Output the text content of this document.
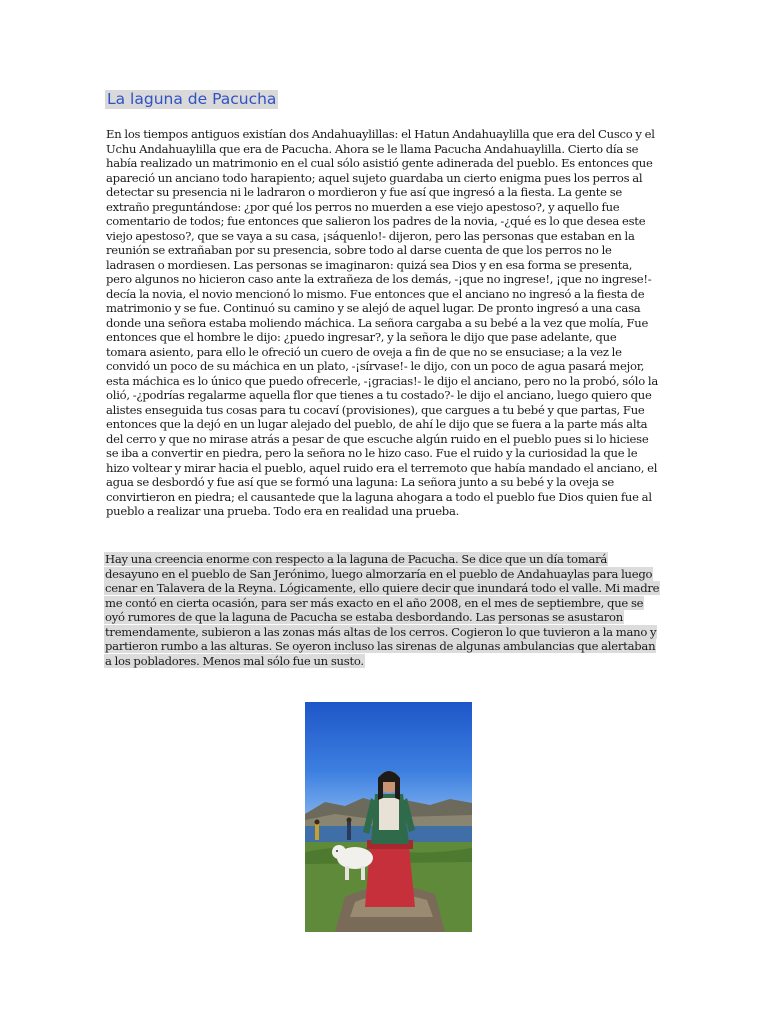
La laguna de Pacucha

En los tiempos antiguos existían dos Andahuaylillas: el Hatun Andahuaylilla que era del Cusco y el Uchu Andahuaylilla que era de Pacucha. Ahora se le llama Pacucha Andahuaylilla. Cierto día se había realizado un matrimonio en el cual sólo asistió gente adinerada del pueblo. Es entonces que apareció un anciano todo harapiento; aquel sujeto guardaba un cierto enigma pues los perros al detectar su presencia ni le ladraron o mordieron y fue así que ingresó a la fiesta. La gente se extraño preguntándose: ¿por qué los perros no muerden a ese viejo apestoso?, y aquello fue comentario de todos; fue entonces que salieron los padres de la novia, -¿qué es lo que desea este viejo apestoso?, que se vaya a su casa, ¡sáquenlo!- dijeron, pero las personas que estaban en la reunión se extrañaban por su presencia, sobre todo al darse cuenta de que los perros no le ladrasen o mordiesen. Las personas se imaginaron: quizá sea Dios y en esa forma se presenta, pero algunos no hicieron caso ante la extrañeza de los demás, -¡que no ingrese!, ¡que no ingrese!- decía la novia, el novio mencionó lo mismo. Fue entonces que el anciano no ingresó a la fiesta de matrimonio y se fue. Continuó su camino y se alejó de aquel lugar. De pronto ingresó a una casa donde una señora estaba moliendo máchica. La señora cargaba a su bebé a la vez que molía, Fue entonces que el hombre le dijo: ¿puedo ingresar?, y la señora le dijo que pase adelante, que tomara asiento, para ello le ofreció un cuero de oveja a fin de que no se ensuciase; a la vez le convidó un poco de su máchica en un plato, -¡sírvase!- le dijo, con un poco de agua pasará mejor, esta máchica es lo único que puedo ofrecerle, -¡gracias!- le dijo el anciano, pero no la probó, sólo la olió, -¿podrías regalarme aquella flor que tienes a tu costado?- le dijo el anciano, luego quiero que alistes enseguida tus cosas para tu cocaví (provisiones), que cargues a tu bebé y que partas, Fue entonces que la dejó en un lugar alejado del pueblo, de ahí le dijo que se fuera a la parte más alta del cerro y que no mirase atrás a pesar de que escuche algún ruido en el pueblo pues si lo hiciese se iba a convertir en piedra, pero la señora no le hizo caso. Fue el ruido y la curiosidad la que le hizo voltear y mirar hacia el pueblo, aquel ruido era el terremoto que había mandado el anciano, el agua se desbordó y fue así que se formó una laguna: La señora junto a su bebé y la oveja se convirtieron en piedra; el causantede que la laguna ahogara a todo el pueblo fue Dios quien fue al pueblo a realizar una prueba. Todo era en realidad una prueba.

Hay una creencia enorme con respecto a la laguna de Pacucha. Se dice que un día tomará desayuno en el pueblo de San Jerónimo, luego almorzaría en el pueblo de Andahuaylas para luego cenar en Talavera de la Reyna. Lógicamente, ello quiere decir que inundará todo el valle. Mi madre me contó en cierta ocasión, para ser más exacto en el año 2008, en el mes de septiembre, que se oyó rumores de que la laguna de Pacucha se estaba desbordando. Las personas se asustaron tremendamente, subieron a las zonas más altas de los cerros. Cogieron lo que tuvieron a la mano y partieron rumbo a las alturas. Se oyeron incluso las sirenas de algunas ambulancias que alertaban a los pobladores. Menos mal sólo fue un susto.
